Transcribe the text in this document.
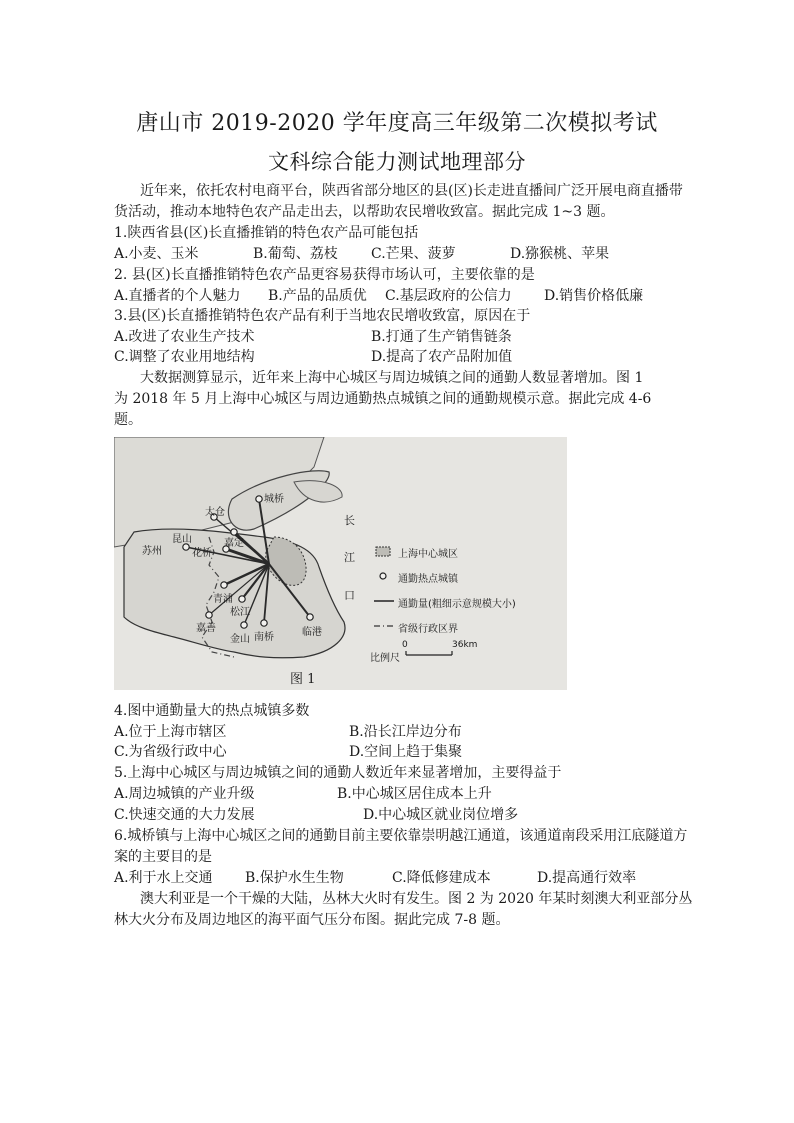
唐山市 2019-2020 学年度高三年级第二次模拟考试
文科综合能力测试地理部分
近年来，依托农村电商平台，陕西省部分地区的县(区)长走进直播间广泛开展电商直播带
货活动，推动本地特色农产品走出去，以帮助农民增收致富。据此完成 1~3 题。
1.陕西省县(区)长直播推销的特色农产品可能包括
A.小麦、玉米	B.葡萄、荔枝 C.芒果、菠萝	D.猕猴桃、苹果
2. 县(区)长直播推销特色农产品更容易获得市场认可，主要依靠的是
A.直播者的个人魅力 B.产品的品质优 C.基层政府的公信力 D.销售价格低廉
3.县(区)长直播推销特色农产品有利于当地农民增收致富，原因在于
A.改进了农业生产技术	B.打通了生产销售链条
C.调整了农业用地结构	D.提高了农产品附加值
大数据测算显示，近年来上海中心城区与周边城镇之间的通勤人数显著增加。图 1
为 2018 年 5 月上海中心城区与周边通勤热点城镇之间的通勤规模示意。据此完成 4-6
题。
城桥
太仓
嘉定
昆山
苏州	花桥
青浦
松江
嘉善
金山 南桥	临港
长
江
口
上海中心城区
通勤热点城镇
通勤量(粗细示意规模大小)
省级行政区界
比例尺
0	36km
图 1
4.图中通勤量大的热点城镇多数
A.位于上海市辖区	B.沿长江岸边分布
C.为省级行政中心	D.空间上趋于集聚
5.上海中心城区与周边城镇之间的通勤人数近年来显著增加，主要得益于
A.周边城镇的产业升级	B.中心城区居住成本上升
C.快速交通的大力发展	D.中心城区就业岗位增多
6.城桥镇与上海中心城区之间的通勤目前主要依靠崇明越江通道，该通道南段采用江底隧道方
案的主要目的是
A.利于水上交通 B.保护水生生物	C.降低修建成本	D.提高通行效率
澳大利亚是一个干燥的大陆，丛林大火时有发生。图 2 为 2020 年某时刻澳大利亚部分丛
林大火分布及周边地区的海平面气压分布图。据此完成 7-8 题。
